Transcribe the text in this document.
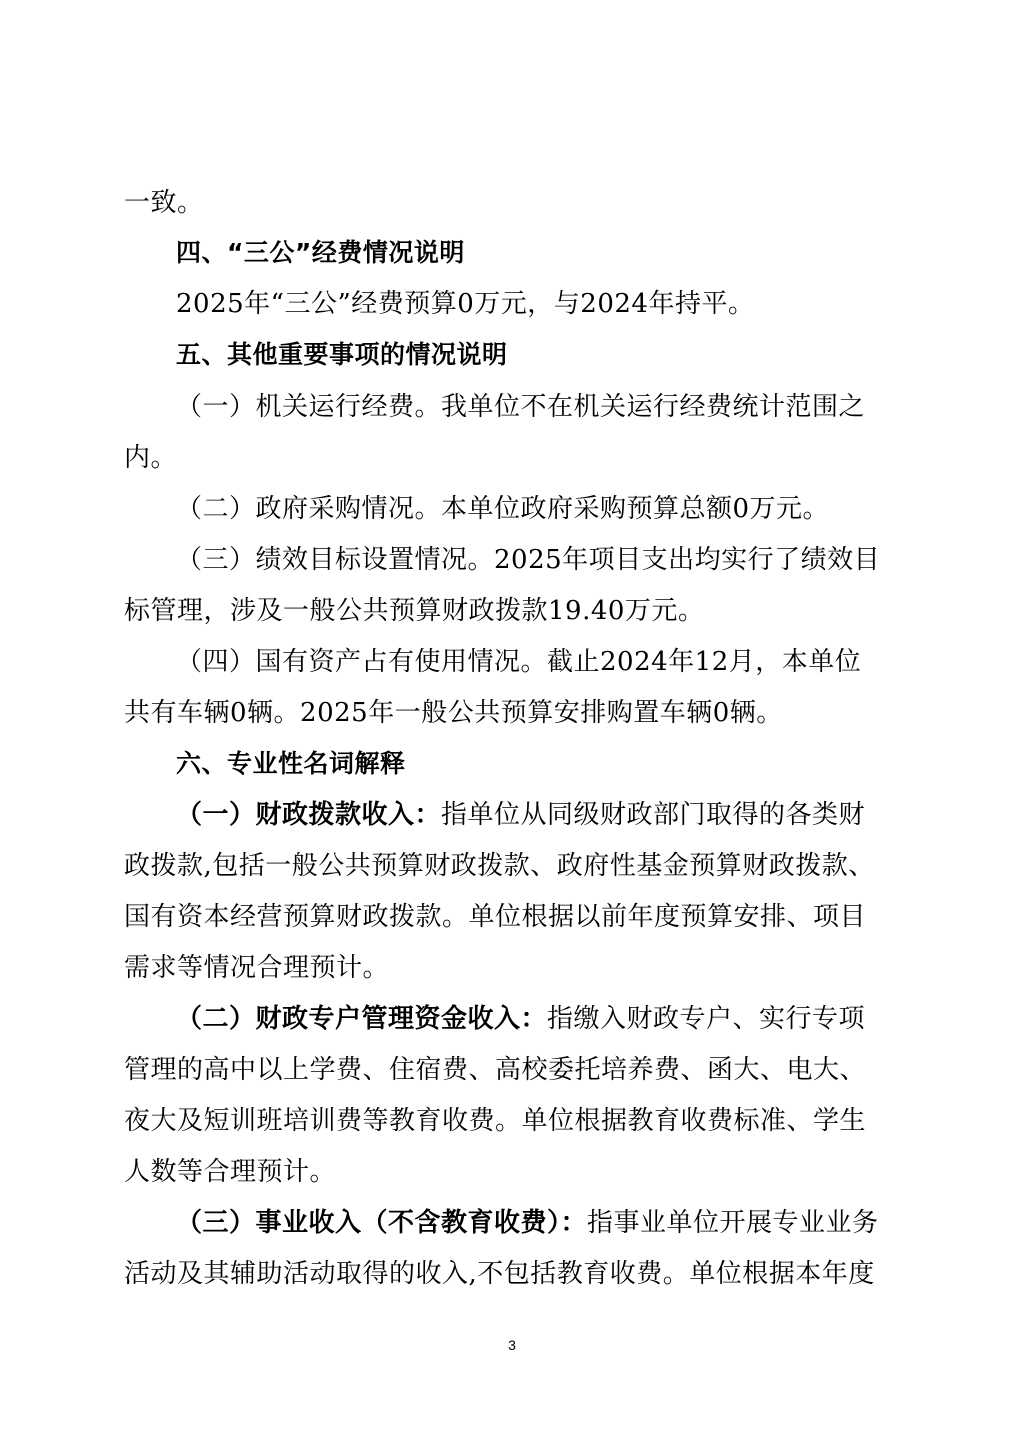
一致。
四、“三公”经费情况说明
2025年“三公”经费预算0万元，与2024年持平。
五、其他重要事项的情况说明
（一）机关运行经费。我单位不在机关运行经费统计范围之
内。
（二）政府采购情况。本单位政府采购预算总额0万元。
（三）绩效目标设置情况。2025年项目支出均实行了绩效目
标管理，涉及一般公共预算财政拨款19.40万元。
（四）国有资产占有使用情况。截止2024年12月，本单位
共有车辆0辆。2025年一般公共预算安排购置车辆0辆。
六、专业性名词解释
（一）财政拨款收入：指单位从同级财政部门取得的各类财
政拨款,包括一般公共预算财政拨款、政府性基金预算财政拨款、
国有资本经营预算财政拨款。单位根据以前年度预算安排、项目
需求等情况合理预计。
（二）财政专户管理资金收入：指缴入财政专户、实行专项
管理的高中以上学费、住宿费、高校委托培养费、函大、电大、
夜大及短训班培训费等教育收费。单位根据教育收费标准、学生
人数等合理预计。
（三）事业收入（不含教育收费）：指事业单位开展专业业务
活动及其辅助活动取得的收入,不包括教育收费。单位根据本年度
3
